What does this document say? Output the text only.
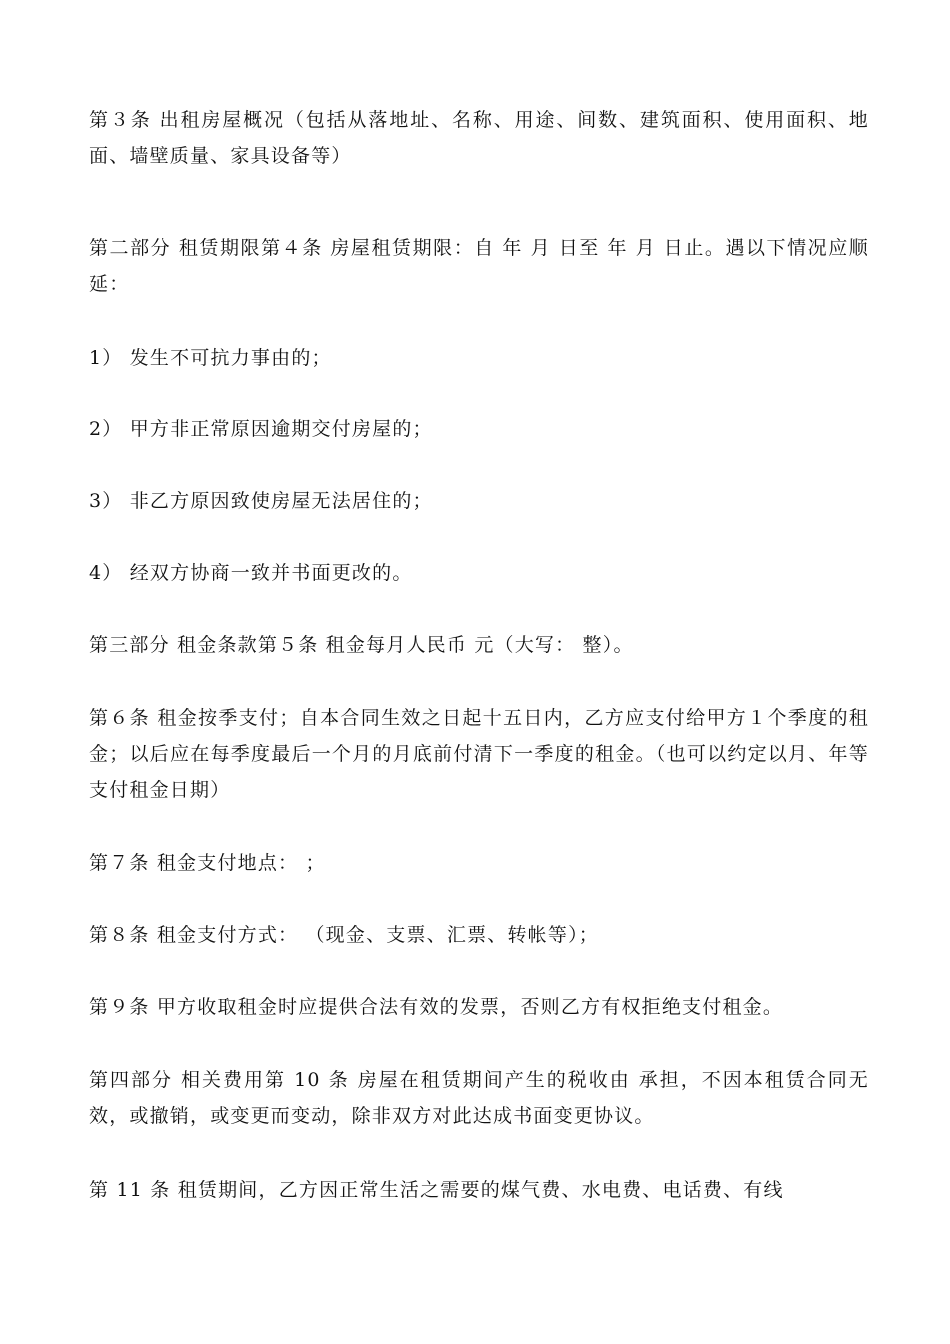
第３条 出租房屋概况（包括从落地址、名称、用途、间数、建筑面积、使用面积、地面、墙壁质量、家具设备等）

第二部分 租赁期限第４条 房屋租赁期限：自 年 月 日至 年 月 日止。遇以下情况应顺延：

1） 发生不可抗力事由的；

2） 甲方非正常原因逾期交付房屋的；

3） 非乙方原因致使房屋无法居住的；

4） 经双方协商一致并书面更改的。

第三部分 租金条款第５条 租金每月人民币 元（大写： 整）。

第６条 租金按季支付；自本合同生效之日起十五日内，乙方应支付给甲方１个季度的租金；以后应在每季度最后一个月的月底前付清下一季度的租金。（也可以约定以月、年等支付租金日期）

第７条 租金支付地点： ；

第８条 租金支付方式： （现金、支票、汇票、转帐等）；

第９条 甲方收取租金时应提供合法有效的发票，否则乙方有权拒绝支付租金。

第四部分 相关费用第 10 条 房屋在租赁期间产生的税收由 承担，不因本租赁合同无效，或撤销，或变更而变动，除非双方对此达成书面变更协议。

第 11 条 租赁期间，乙方因正常生活之需要的煤气费、水电费、电话费、有线
